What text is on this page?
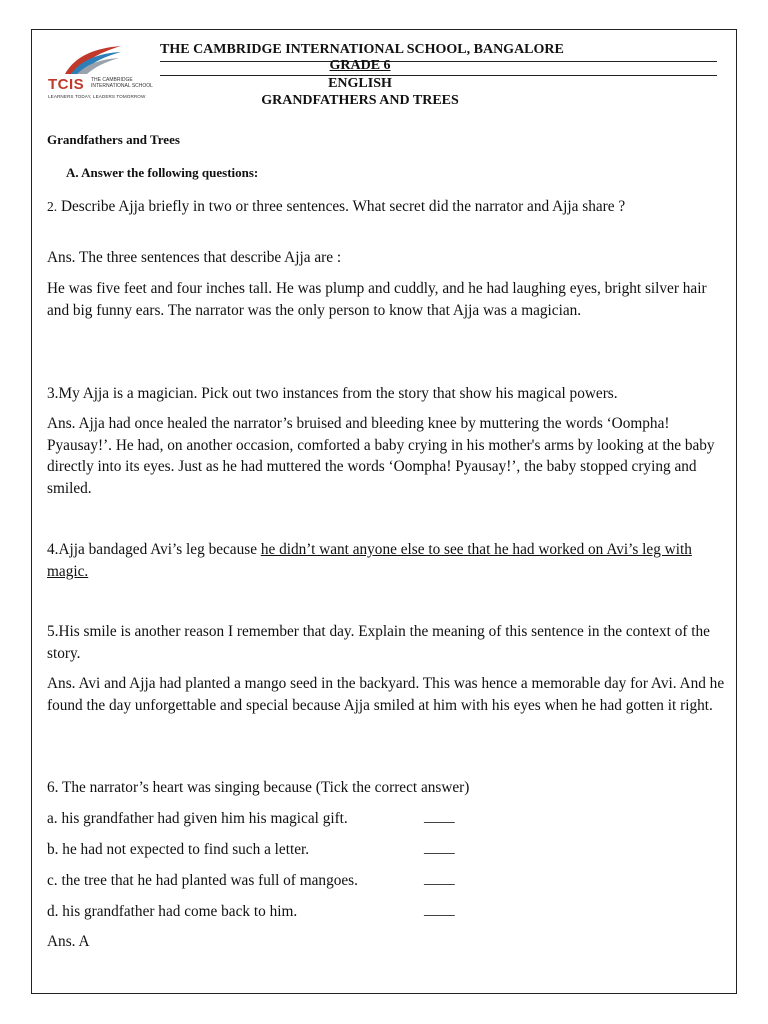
TCIS THE CAMBRIDGE INTERNATIONAL SCHOOL
LEARNERS TODAY, LEADERS TOMORROW
THE CAMBRIDGE INTERNATIONAL SCHOOL, BANGALORE
GRADE 6
ENGLISH
GRANDFATHERS AND TREES
Grandfathers and Trees
A. Answer the following questions:
2. Describe Ajja briefly in two or three sentences. What secret did the narrator and Ajja share ?
Ans. The three sentences that describe Ajja are :
He was five feet and four inches tall. He was plump and cuddly, and he had laughing eyes, bright silver hair and big funny ears. The narrator was the only person to know that Ajja was a magician.
3.My Ajja is a magician. Pick out two instances from the story that show his magical powers.
Ans. Ajja had once healed the narrator’s bruised and bleeding knee by muttering the words ‘Oompha! Pyausay!’. He had, on another occasion, comforted a baby crying in his mother's arms by looking at the baby directly into its eyes. Just as he had muttered the words ‘Oompha! Pyausay!’, the baby stopped crying and smiled.
4.Ajja bandaged Avi’s leg because he didn’t want anyone else to see that he had worked on Avi’s leg with magic.
5.His smile is another reason I remember that day. Explain the meaning of this sentence in the context of the story.
Ans. Avi and Ajja had planted a mango seed in the backyard. This was hence a memorable day for Avi. And he found the day unforgettable and special because Ajja smiled at him with his eyes when he had gotten it right.
6. The narrator’s heart was singing because (Tick the correct answer)
a. his grandfather had given him his magical gift.	____
b. he had not expected to find such a letter.	____
c. the tree that he had planted was full of mangoes.	____
d. his grandfather had come back to him.	____
Ans. A
